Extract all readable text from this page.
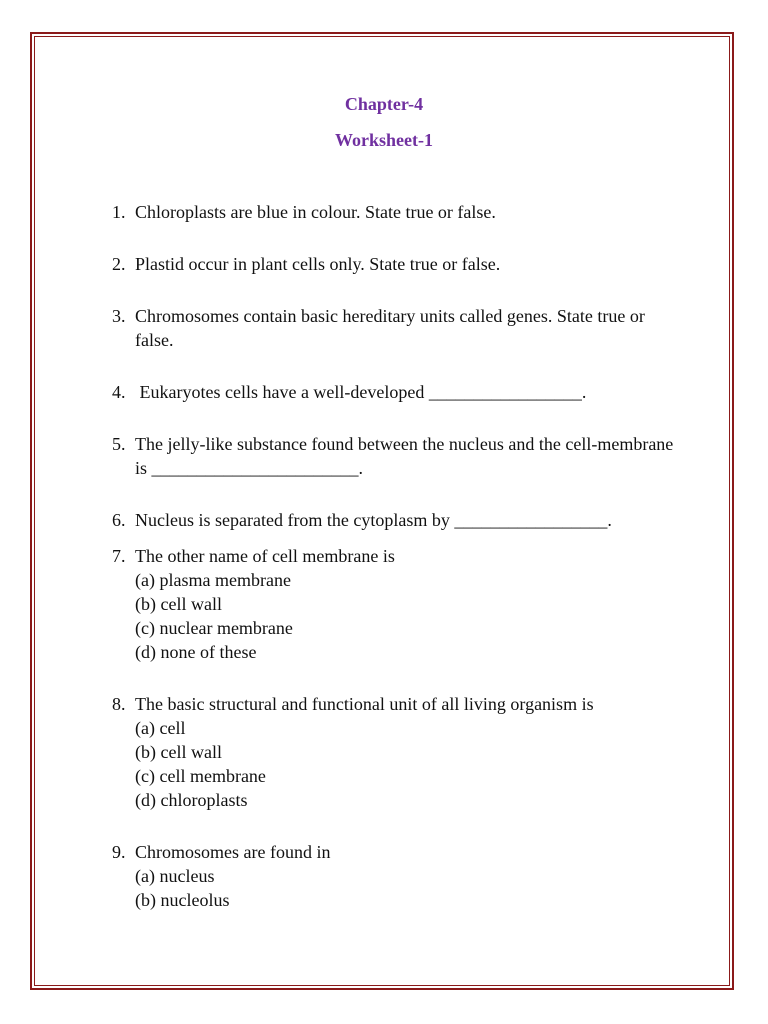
Chapter-4
Worksheet-1
1. Chloroplasts are blue in colour. State true or false.
2. Plastid occur in plant cells only. State true or false.
3. Chromosomes contain basic hereditary units called genes. State true or false.
4. Eukaryotes cells have a well-developed _________________.
5. The jelly-like substance found between the nucleus and the cell-membrane is _______________________.
6. Nucleus is separated from the cytoplasm by _________________.
7. The other name of cell membrane is
(a) plasma membrane
(b) cell wall
(c) nuclear membrane
(d) none of these
8. The basic structural and functional unit of all living organism is
(a) cell
(b) cell wall
(c) cell membrane
(d) chloroplasts
9. Chromosomes are found in
(a) nucleus
(b) nucleolus
